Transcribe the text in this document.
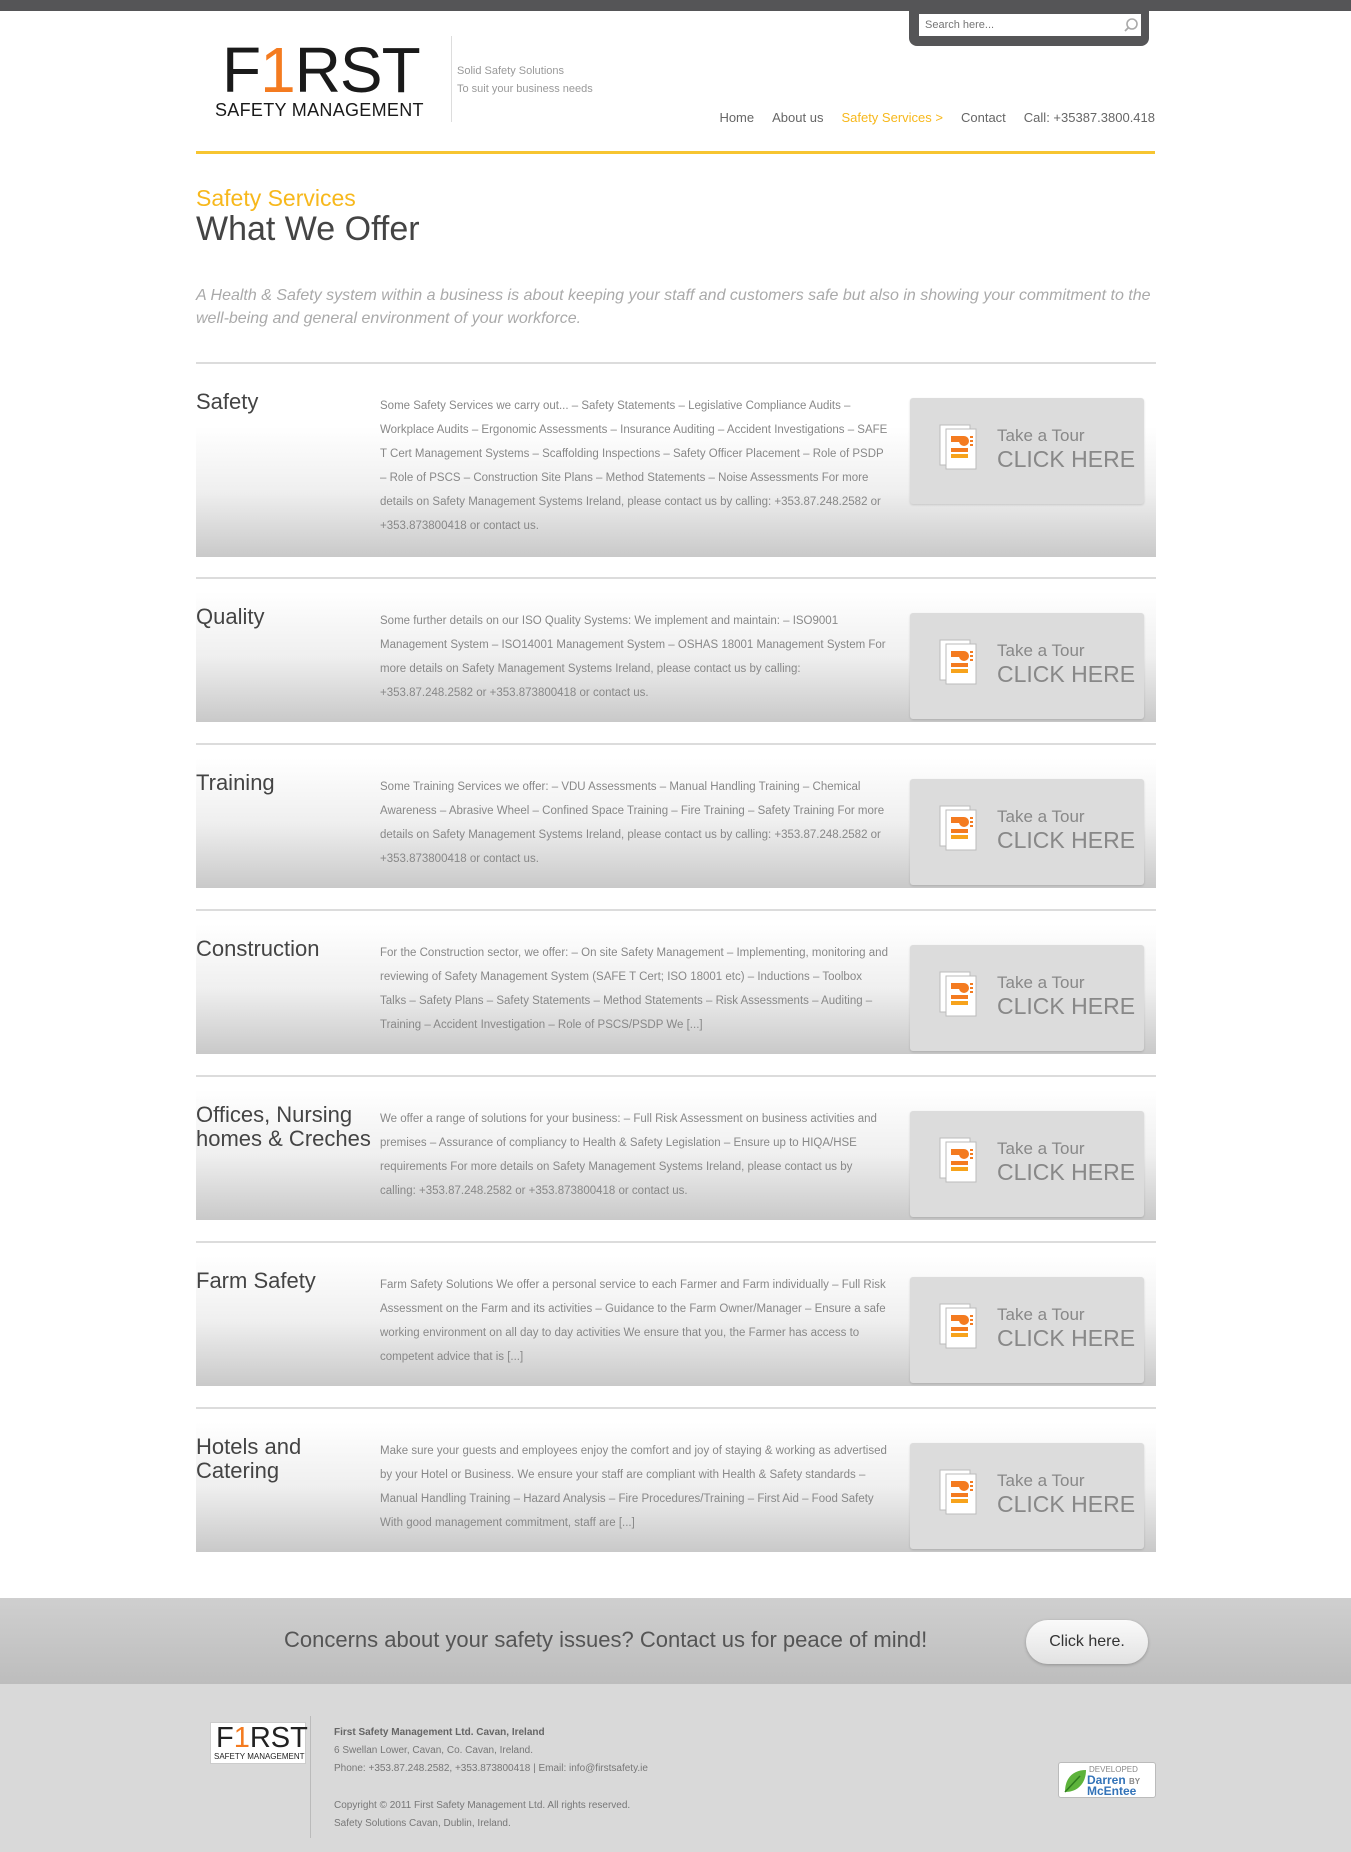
Search here...
F1RST
SAFETY MANAGEMENT
Solid Safety Solutions
To suit your business needs
Home About us Safety Services > Contact Call: +35387.3800.418
Safety Services
What We Offer

A Health & Safety system within a business is about keeping your staff and customers safe but also in showing your commitment to the well-being and general environment of your workforce.

Safety	Some Safety Services we carry out... – Safety Statements – Legislative Compliance Audits – Workplace Audits – Ergonomic Assessments – Insurance Auditing – Accident Investigations – SAFE T Cert Management Systems – Scaffolding Inspections – Safety Officer Placement – Role of PSDP – Role of PSCS – Construction Site Plans – Method Statements – Noise Assessments For more details on Safety Management Systems Ireland, please contact us by calling: +353.87.248.2582 or +353.873800418 or contact us.

Take a Tour
CLICK HERE
Quality	Some further details on our ISO Quality Systems: We implement and maintain: – ISO9001 Management System – ISO14001 Management System – OSHAS 18001 Management System For more details on Safety Management Systems Ireland, please contact us by calling: +353.87.248.2582 or +353.873800418 or contact us.

Take a Tour
CLICK HERE
Training	Some Training Services we offer: – VDU Assessments – Manual Handling Training – Chemical Awareness – Abrasive Wheel – Confined Space Training – Fire Training – Safety Training For more details on Safety Management Systems Ireland, please contact us by calling: +353.87.248.2582 or +353.873800418 or contact us.

Take a Tour
CLICK HERE
Construction	For the Construction sector, we offer: – On site Safety Management – Implementing, monitoring and reviewing of Safety Management System (SAFE T Cert; ISO 18001 etc) – Inductions – Toolbox Talks – Safety Plans – Safety Statements – Method Statements – Risk Assessments – Auditing – Training – Accident Investigation – Role of PSCS/PSDP We [...]

Take a Tour
CLICK HERE
Offices, Nursing homes & Creches

We offer a range of solutions for your business: – Full Risk Assessment on business activities and premises – Assurance of compliancy to Health & Safety Legislation – Ensure up to HIQA/HSE requirements For more details on Safety Management Systems Ireland, please contact us by calling: +353.87.248.2582 or +353.873800418 or contact us.

Take a Tour
CLICK HERE
Farm Safety	Farm Safety Solutions We offer a personal service to each Farmer and Farm individually – Full Risk Assessment on the Farm and its activities – Guidance to the Farm Owner/Manager – Ensure a safe working environment on all day to day activities We ensure that you, the Farmer has access to competent advice that is [...]

Take a Tour
CLICK HERE
Hotels and Catering

Make sure your guests and employees enjoy the comfort and joy of staying & working as advertised by your Hotel or Business. We ensure your staff are compliant with Health & Safety standards – Manual Handling Training – Hazard Analysis – Fire Procedures/Training – First Aid – Food Safety With good management commitment, staff are [...]

Take a Tour
CLICK HERE
Concerns about your safety issues? Contact us for peace of mind!	Click here.
F1RST
SAFETY MANAGEMENT
First Safety Management Ltd. Cavan, Ireland
6 Swellan Lower, Cavan, Co. Cavan, Ireland.
Phone: +353.87.248.2582, +353.873800418 | Email: info@firstsafety.ie
Copyright © 2011 First Safety Management Ltd. All rights reserved.
Safety Solutions Cavan, Dublin, Ireland.
DEVELOPED
Darren BY
McEntee
